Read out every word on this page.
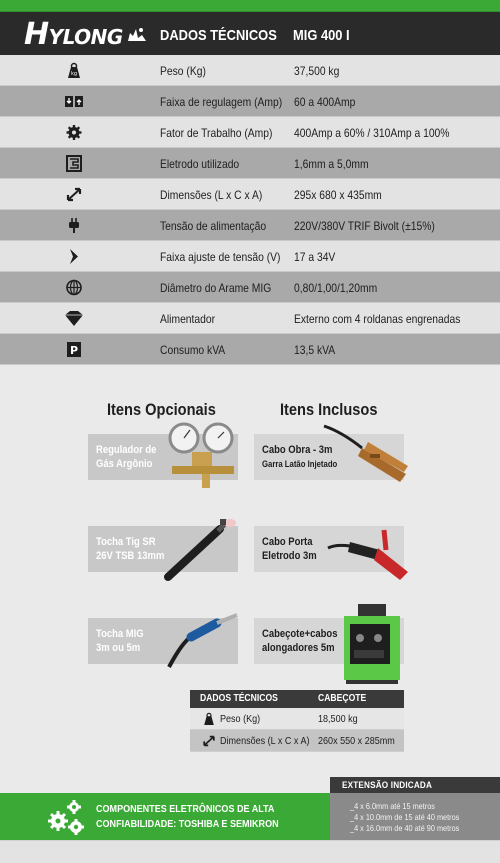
HYLONG DADOS TÉCNICOS MIG 400 I
kg	Peso (Kg)	37,500 kg
Faixa de regulagem (Amp) 60 a 400Amp
Fator de Trabalho (Amp) 400Amp a 60% / 310Amp a 100%
Eletrodo utilizado	1,6mm a 5,0mm
Dimensões (L x C x A)	295x 680 x 435mm
Tensão de alimentação 220V/380V TRIF Bivolt (±15%)
Faixa ajuste de tensão (V) 17 a 34V
Diâmetro do Arame MIG 0,80/1,00/1,20mm
Alimentador	Externo com 4 roldanas engrenadas
P	Consumo kVA	13,5 kVA
Itens Opcionais	Itens Inclusos
Regulador de
Gás Argônio
Tocha Tig SR
26V TSB 13mm
Tocha MIG
3m ou 5m
Cabo Obra - 3m
Garra Latão Injetado
Cabo Porta
Eletrodo 3m
Cabeçote+cabos
alongadores 5m
DADOS TÉCNICOS	CABEÇOTE
Peso (Kg)	18,500 kg
Dimensões (L x C x A) 260x 550 x 285mm
EXTENSÃO INDICADA
COMPONENTES ELETRÔNICOS DE ALTA
CONFIABILIDADE: TOSHIBA E SEMIKRON
_4 x 6.0mm até 15 metros
_4 x 10.0mm de 15 até 40 metros
_4 x 16.0mm de 40 até 90 metros
